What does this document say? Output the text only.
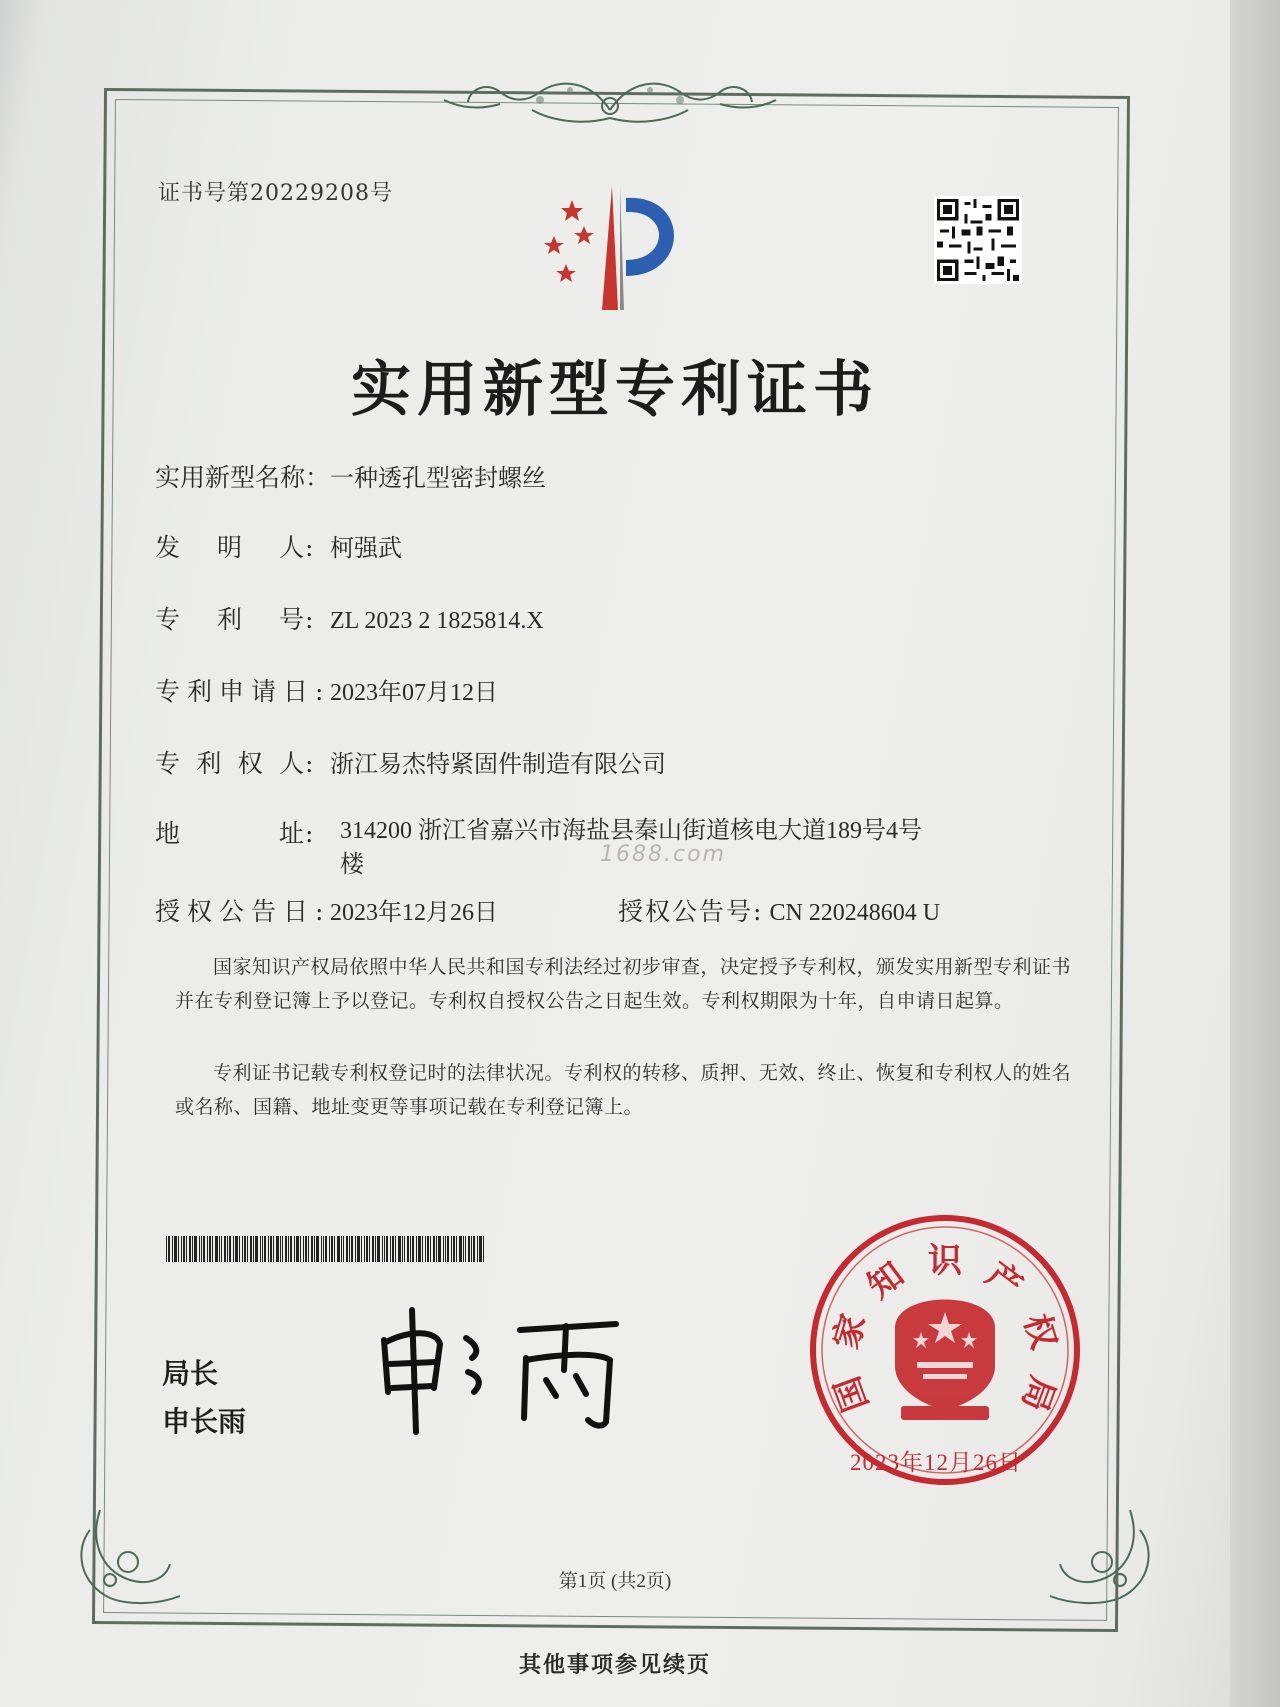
证书号第20229208号
实用新型专利证书
实用新型名称：一种透孔型密封螺丝
发 明 人 : 柯强武
专 利 号 : ZL 2023 2 1825814.X
专利申请日:2023年07月12日
专 利 权 人 : 浙江易杰特紧固件制造有限公司
地	址 :	314200 浙江省嘉兴市海盐县秦山街道核电大道189号4号楼	1688.com
授权公告日:2023年12月26日	授权公告号: CN 220248604 U
国家知识产权局依照中华人民共和国专利法经过初步审查，决定授予专利权，颁发实用新型专利证书并在专利登记簿上予以登记。专利权自授权公告之日起生效。专利权期限为十年，自申请日起算。
专利证书记载专利权登记时的法律状况。专利权的转移、质押、无效、终止、恢复和专利权人的姓名或名称、国籍、地址变更等事项记载在专利登记簿上。
局长
申长雨
国
家
知 识 产
权
局
2023年12月26日
第1页 (共2页)
其他事项参见续页
